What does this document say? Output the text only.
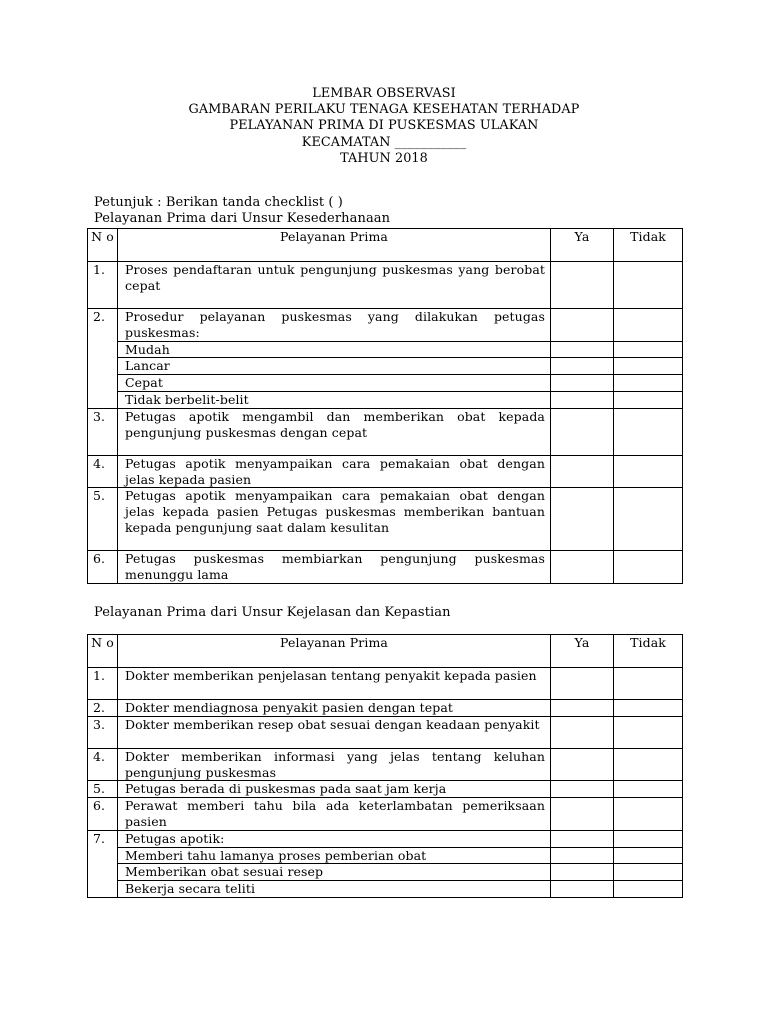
LEMBAR OBSERVASI
GAMBARAN PERILAKU TENAGA KESEHATAN TERHADAP
PELAYANAN PRIMA DI PUSKESMAS ULAKAN
KECAMATAN ___________
TAHUN 2018
Petunjuk : Berikan tanda checklist ( )
Pelayanan Prima dari Unsur Kesederhanaan
N o	Pelayanan Prima	Ya	Tidak
1.	Proses pendaftaran untuk pengunjung puskesmas yang berobat cepat		

2.	Prosedur pelayanan puskesmas yang dilakukan petugas puskesmas:
Mudah
Lancar
Cepat
Tidak berbelit-belit		

3.	Petugas apotik mengambil dan memberikan obat kepada pengunjung puskesmas dengan cepat		

4.	Petugas apotik menyampaikan cara pemakaian obat dengan jelas kepada pasien		

5.	Petugas apotik menyampaikan cara pemakaian obat dengan jelas kepada pasien Petugas puskesmas memberikan bantuan kepada pengunjung saat dalam kesulitan		

6.	Petugas puskesmas membiarkan pengunjung puskesmas menunggu lama		

Pelayanan Prima dari Unsur Kejelasan dan Kepastian
N o	Pelayanan Prima	Ya	Tidak
1.	Dokter memberikan penjelasan tentang penyakit kepada pasien		

2.	Dokter mendiagnosa penyakit pasien dengan tepat		

3.	Dokter memberikan resep obat sesuai dengan keadaan penyakit		

4.	Dokter memberikan informasi yang jelas tentang keluhan pengunjung puskesmas		

5.	Petugas berada di puskesmas pada saat jam kerja		

6.	Perawat memberi tahu bila ada keterlambatan pemeriksaan pasien		

7.	Petugas apotik:
Memberi tahu lamanya proses pemberian obat
Memberikan obat sesuai resep
Bekerja secara teliti		
